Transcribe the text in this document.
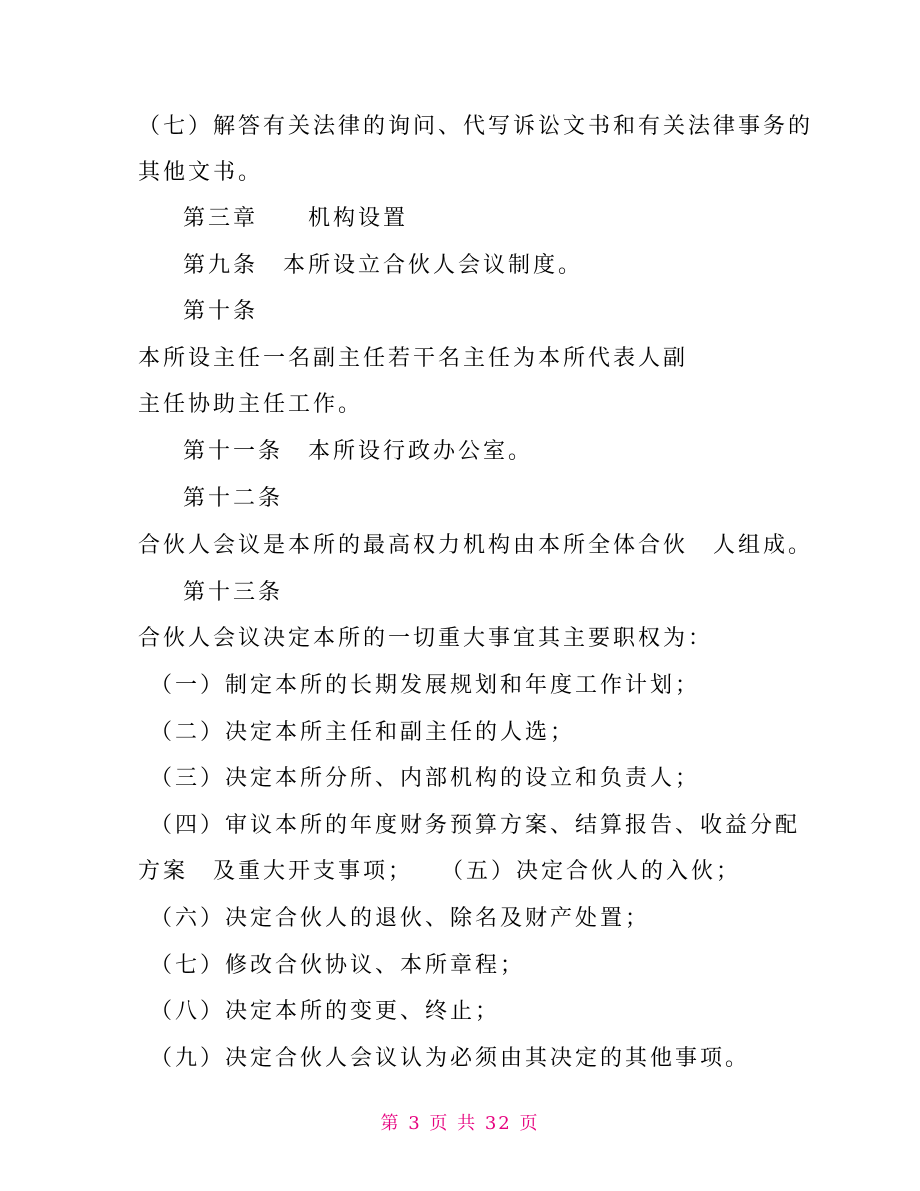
（七）解答有关法律的询问、代写诉讼文书和有关法律事务的
其他文书。
第三章　　机构设置
第九条　本所设立合伙人会议制度。
第十条
本所设主任一名副主任若干名主任为本所代表人副
主任协助主任工作。
第十一条　本所设行政办公室。
第十二条
合伙人会议是本所的最高权力机构由本所全体合伙　人组成。
第十三条
合伙人会议决定本所的一切重大事宜其主要职权为：
（一）制定本所的长期发展规划和年度工作计划；
（二）决定本所主任和副主任的人选；
（三）决定本所分所、内部机构的设立和负责人；
（四）审议本所的年度财务预算方案、结算报告、收益分配
方案　及重大开支事项；　　（五）决定合伙人的入伙；
（六）决定合伙人的退伙、除名及财产处置；
（七）修改合伙协议、本所章程；
（八）决定本所的变更、终止；
（九）决定合伙人会议认为必须由其决定的其他事项。
第 3 页 共 32 页
